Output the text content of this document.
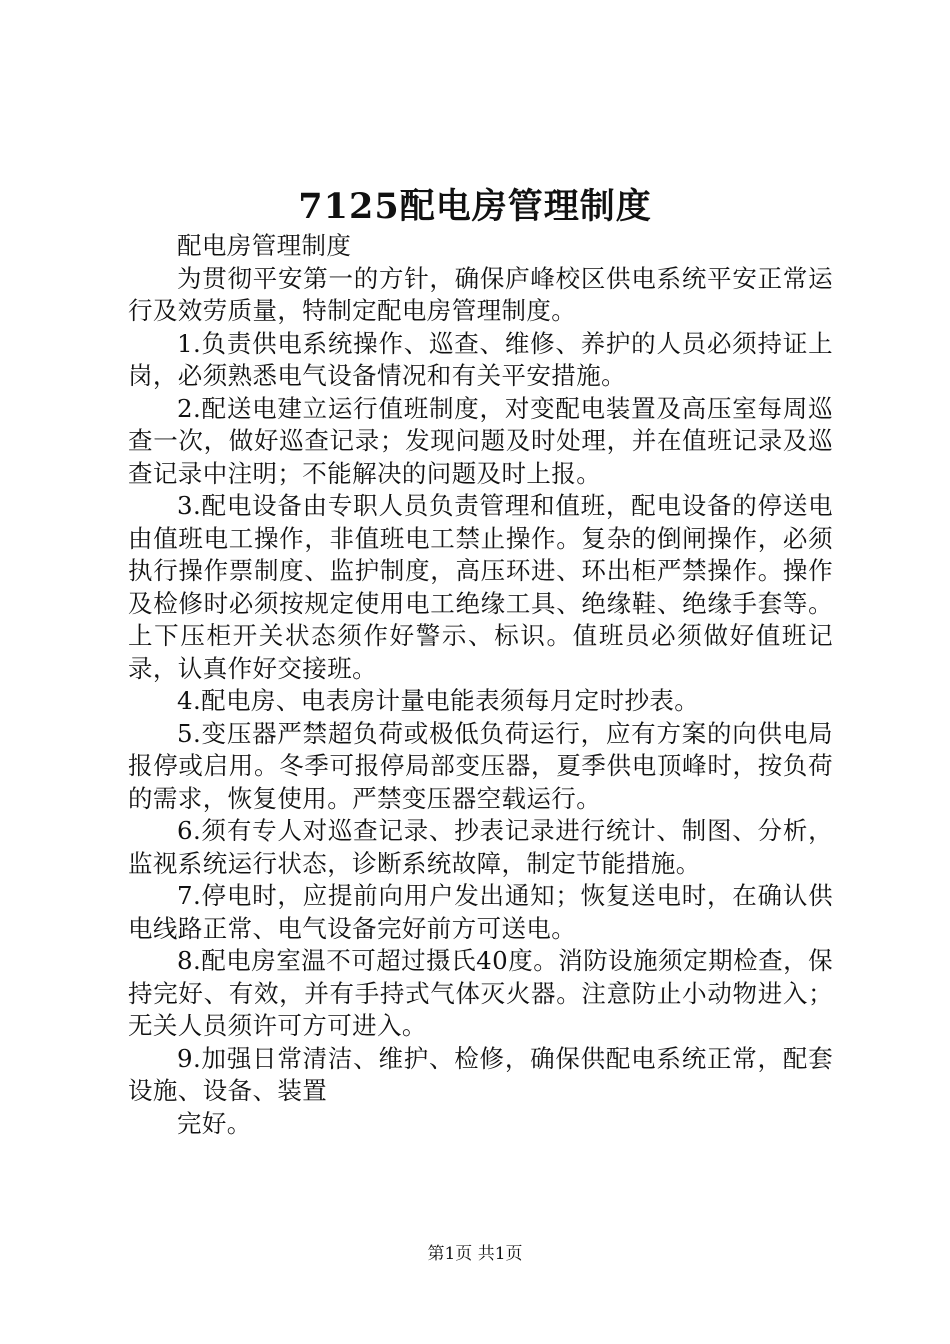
7125配电房管理制度

配电房管理制度

为贯彻平安第一的方针，确保庐峰校区供电系统平安正常运行及效劳质量，特制定配电房管理制度。

1.负责供电系统操作、巡查、维修、养护的人员必须持证上岗，必须熟悉电气设备情况和有关平安措施。

2.配送电建立运行值班制度，对变配电装置及高压室每周巡查一次，做好巡查记录；发现问题及时处理，并在值班记录及巡查记录中注明；不能解决的问题及时上报。

3.配电设备由专职人员负责管理和值班，配电设备的停送电由值班电工操作，非值班电工禁止操作。复杂的倒闸操作，必须执行操作票制度、监护制度，高压环进、环出柜严禁操作。操作及检修时必须按规定使用电工绝缘工具、绝缘鞋、绝缘手套等。上下压柜开关状态须作好警示、标识。值班员必须做好值班记录，认真作好交接班。

4.配电房、电表房计量电能表须每月定时抄表。

5.变压器严禁超负荷或极低负荷运行，应有方案的向供电局报停或启用。冬季可报停局部变压器，夏季供电顶峰时，按负荷的需求，恢复使用。严禁变压器空载运行。

6.须有专人对巡查记录、抄表记录进行统计、制图、分析，监视系统运行状态，诊断系统故障，制定节能措施。

7.停电时，应提前向用户发出通知；恢复送电时，在确认供电线路正常、电气设备完好前方可送电。

8.配电房室温不可超过摄氏40度。消防设施须定期检查，保持完好、有效，并有手持式气体灭火器。注意防止小动物进入；无关人员须许可方可进入。

9.加强日常清洁、维护、检修，确保供配电系统正常，配套设施、设备、装置

完好。

第1页 共1页
